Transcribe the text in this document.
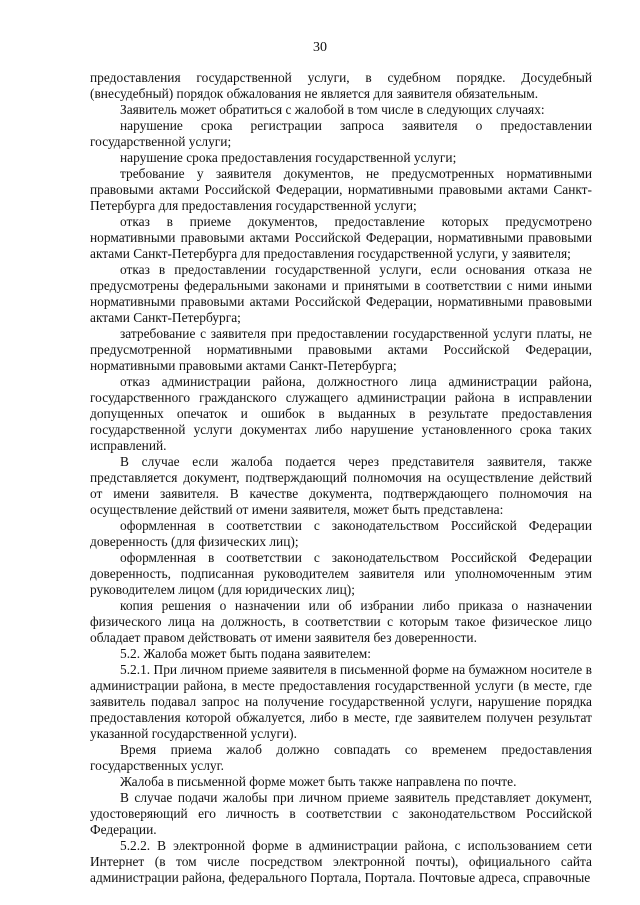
30

предоставления государственной услуги, в судебном порядке. Досудебный (внесудебный) порядок обжалования не является для заявителя обязательным.

Заявитель может обратиться с жалобой в том числе в следующих случаях:

нарушение срока регистрации запроса заявителя о предоставлении государственной услуги;

нарушение срока предоставления государственной услуги;

требование у заявителя документов, не предусмотренных нормативными правовыми актами Российской Федерации, нормативными правовыми актами Санкт-Петербурга для предоставления государственной услуги;

отказ в приеме документов, предоставление которых предусмотрено нормативными правовыми актами Российской Федерации, нормативными правовыми актами Санкт-Петербурга для предоставления государственной услуги, у заявителя;

отказ в предоставлении государственной услуги, если основания отказа не предусмотрены федеральными законами и принятыми в соответствии с ними иными нормативными правовыми актами Российской Федерации, нормативными правовыми актами Санкт-Петербурга;

затребование с заявителя при предоставлении государственной услуги платы, не предусмотренной нормативными правовыми актами Российской Федерации, нормативными правовыми актами Санкт-Петербурга;

отказ администрации района, должностного лица администрации района, государственного гражданского служащего администрации района в исправлении допущенных опечаток и ошибок в выданных в результате предоставления государственной услуги документах либо нарушение установленного срока таких исправлений.

В случае если жалоба подается через представителя заявителя, также представляется документ, подтверждающий полномочия на осуществление действий от имени заявителя. В качестве документа, подтверждающего полномочия на осуществление действий от имени заявителя, может быть представлена:

оформленная в соответствии с законодательством Российской Федерации доверенность (для физических лиц);

оформленная в соответствии с законодательством Российской Федерации доверенность, подписанная руководителем заявителя или уполномоченным этим руководителем лицом (для юридических лиц);

копия решения о назначении или об избрании либо приказа о назначении физического лица на должность, в соответствии с которым такое физическое лицо обладает правом действовать от имени заявителя без доверенности.

5.2. Жалоба может быть подана заявителем:

5.2.1. При личном приеме заявителя в письменной форме на бумажном носителе в администрации района, в месте предоставления государственной услуги (в месте, где заявитель подавал запрос на получение государственной услуги, нарушение порядка предоставления которой обжалуется, либо в месте, где заявителем получен результат указанной государственной услуги).

Время приема жалоб должно совпадать со временем предоставления государственных услуг.

Жалоба в письменной форме может быть также направлена по почте.

В случае подачи жалобы при личном приеме заявитель представляет документ, удостоверяющий его личность в соответствии с законодательством Российской Федерации.

5.2.2. В электронной форме в администрации района, с использованием сети Интернет (в том числе посредством электронной почты), официального сайта администрации района, федерального Портала, Портала. Почтовые адреса, справочные
